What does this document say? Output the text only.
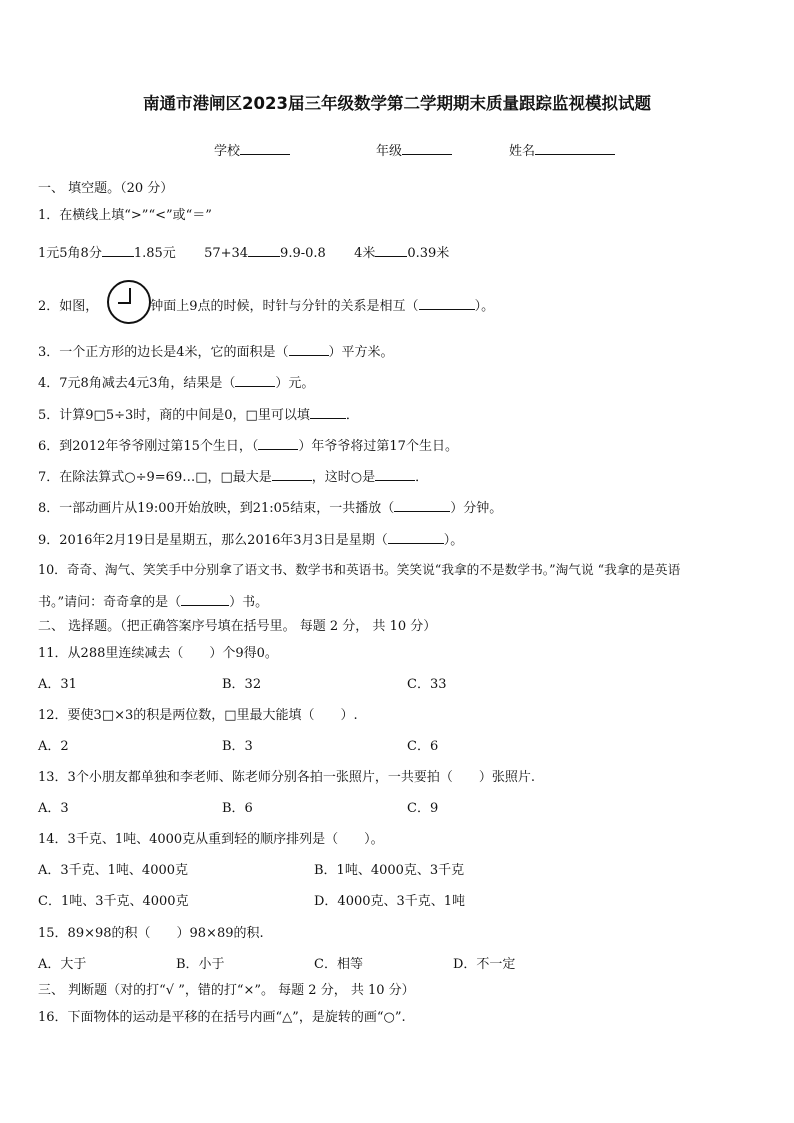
南通市港闸区2023届三年级数学第二学期期末质量跟踪监视模拟试题
学校	年级	姓名
一、 填空题。（20 分）
1．在横线上填“>”“<”或“＝”
1元5角8分 1.85元 57+34 9.9-0.8 4米 0.39米
2．如图，	钟面上9点的时候，时针与分针的关系是相互（	）。
3．一个正方形的边长是4米，它的面积是（	）平方米。
4．7元8角减去4元3角，结果是（	）元。
5．计算9□5÷3时，商的中间是0，□里可以填	．
6．到2012年爷爷刚过第15个生日，（	）年爷爷将过第17个生日。
7．在除法算式○÷9=69…□，□最大是	，这时○是	．
8．一部动画片从19:00开始放映，到21:05结束，一共播放（	）分钟。
9．2016年2月19日是星期五，那么2016年3月3日是星期（	）。
10．奇奇、淘气、笑笑手中分别拿了语文书、数学书和英语书。笑笑说“我拿的不是数学书。”淘气说 “我拿的是英语
书。”请问：奇奇拿的是（	）书。
二、 选择题。（把正确答案序号填在括号里。 每题 2 分， 共 10 分）
11．从288里连续减去（　　）个9得0。
A．31	B．32	C．33
12．要使3□×3的积是两位数，□里最大能填（　　）.
A．2	B．3	C．6
13．3个小朋友都单独和李老师、陈老师分别各拍一张照片，一共要拍（　　）张照片.
A．3	B．6	C．9
14．3千克、1吨、4000克从重到轻的顺序排列是（　　）。
A．3千克、1吨、4000克	B．1吨、4000克、3千克
C．1吨、3千克、4000克	D．4000克、3千克、1吨
15．89×98的积（　　）98×89的积.
A．大于	B．小于	C．相等	D．不一定
三、 判断题（对的打“√ ”，错的打“×”。 每题 2 分， 共 10 分）
16．下面物体的运动是平移的在括号内画“△”，是旋转的画“○”.
